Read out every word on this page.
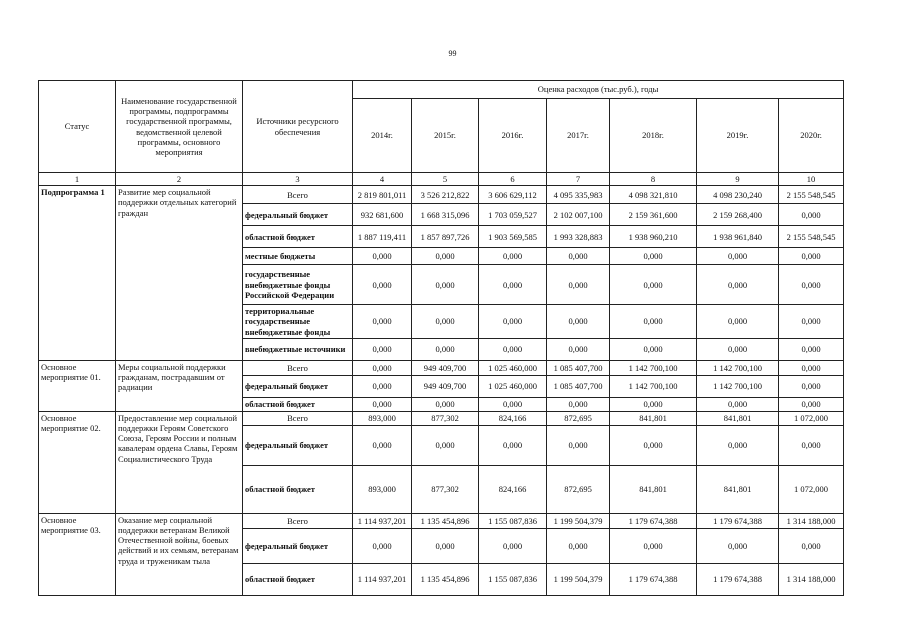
99
Статус	Наименование государственной программы, подпрограммы государственной программы, ведомственной целевой программы, основного мероприятия	Источники ресурсного обеспечения	Оценка расходов (тыс.руб.), годы						
			2014г.	2015г.	2016г.	2017г.	2018г.	2019г.	2020г.
1	2	3	4	5	6	7	8	9	10
Подпрограмма 1	Развитие мер социальной поддержки отдельных категорий граждан	Всего	2 819 801,011	3 526 212,822	3 606 629,112	4 095 335,983	4 098 321,810	4 098 230,240	2 155 548,545
		федеральный бюджет	932 681,600	1 668 315,096	1 703 059,527	2 102 007,100	2 159 361,600	2 159 268,400	0,000
		областной бюджет	1 887 119,411	1 857 897,726	1 903 569,585	1 993 328,883	1 938 960,210	1 938 961,840	2 155 548,545
		местные бюджеты	0,000	0,000	0,000	0,000	0,000	0,000	0,000
		государственные внебюджетные фонды Российской Федерации	0,000	0,000	0,000	0,000	0,000	0,000	0,000
		территориальные государственные внебюджетные фонды	0,000	0,000	0,000	0,000	0,000	0,000	0,000
		внебюджетные источники	0,000	0,000	0,000	0,000	0,000	0,000	0,000
Основное мероприятие 01.	Меры социальной поддержки гражданам, пострадавшим от радиации	Всего	0,000	949 409,700	1 025 460,000	1 085 407,700	1 142 700,100	1 142 700,100	0,000
		федеральный бюджет	0,000	949 409,700	1 025 460,000	1 085 407,700	1 142 700,100	1 142 700,100	0,000
		областной бюджет	0,000	0,000	0,000	0,000	0,000	0,000	0,000
Основное мероприятие 02.	Предоставление мер социальной поддержки Героям Советского Союза, Героям России и полным кавалерам ордена Славы, Героям Социалистического Труда	Всего	893,000	877,302	824,166	872,695	841,801	841,801	1 072,000
		федеральный бюджет	0,000	0,000	0,000	0,000	0,000	0,000	0,000
		областной бюджет	893,000	877,302	824,166	872,695	841,801	841,801	1 072,000
Основное мероприятие 03.	Оказание мер социальной поддержки ветеранам Великой Отечественной войны, боевых действий и их семьям, ветеранам труда и труженикам тыла	Всего	1 114 937,201	1 135 454,896	1 155 087,836	1 199 504,379	1 179 674,388	1 179 674,388	1 314 188,000
		федеральный бюджет	0,000	0,000	0,000	0,000	0,000	0,000	0,000
		областной бюджет	1 114 937,201	1 135 454,896	1 155 087,836	1 199 504,379	1 179 674,388	1 179 674,388	1 314 188,000
